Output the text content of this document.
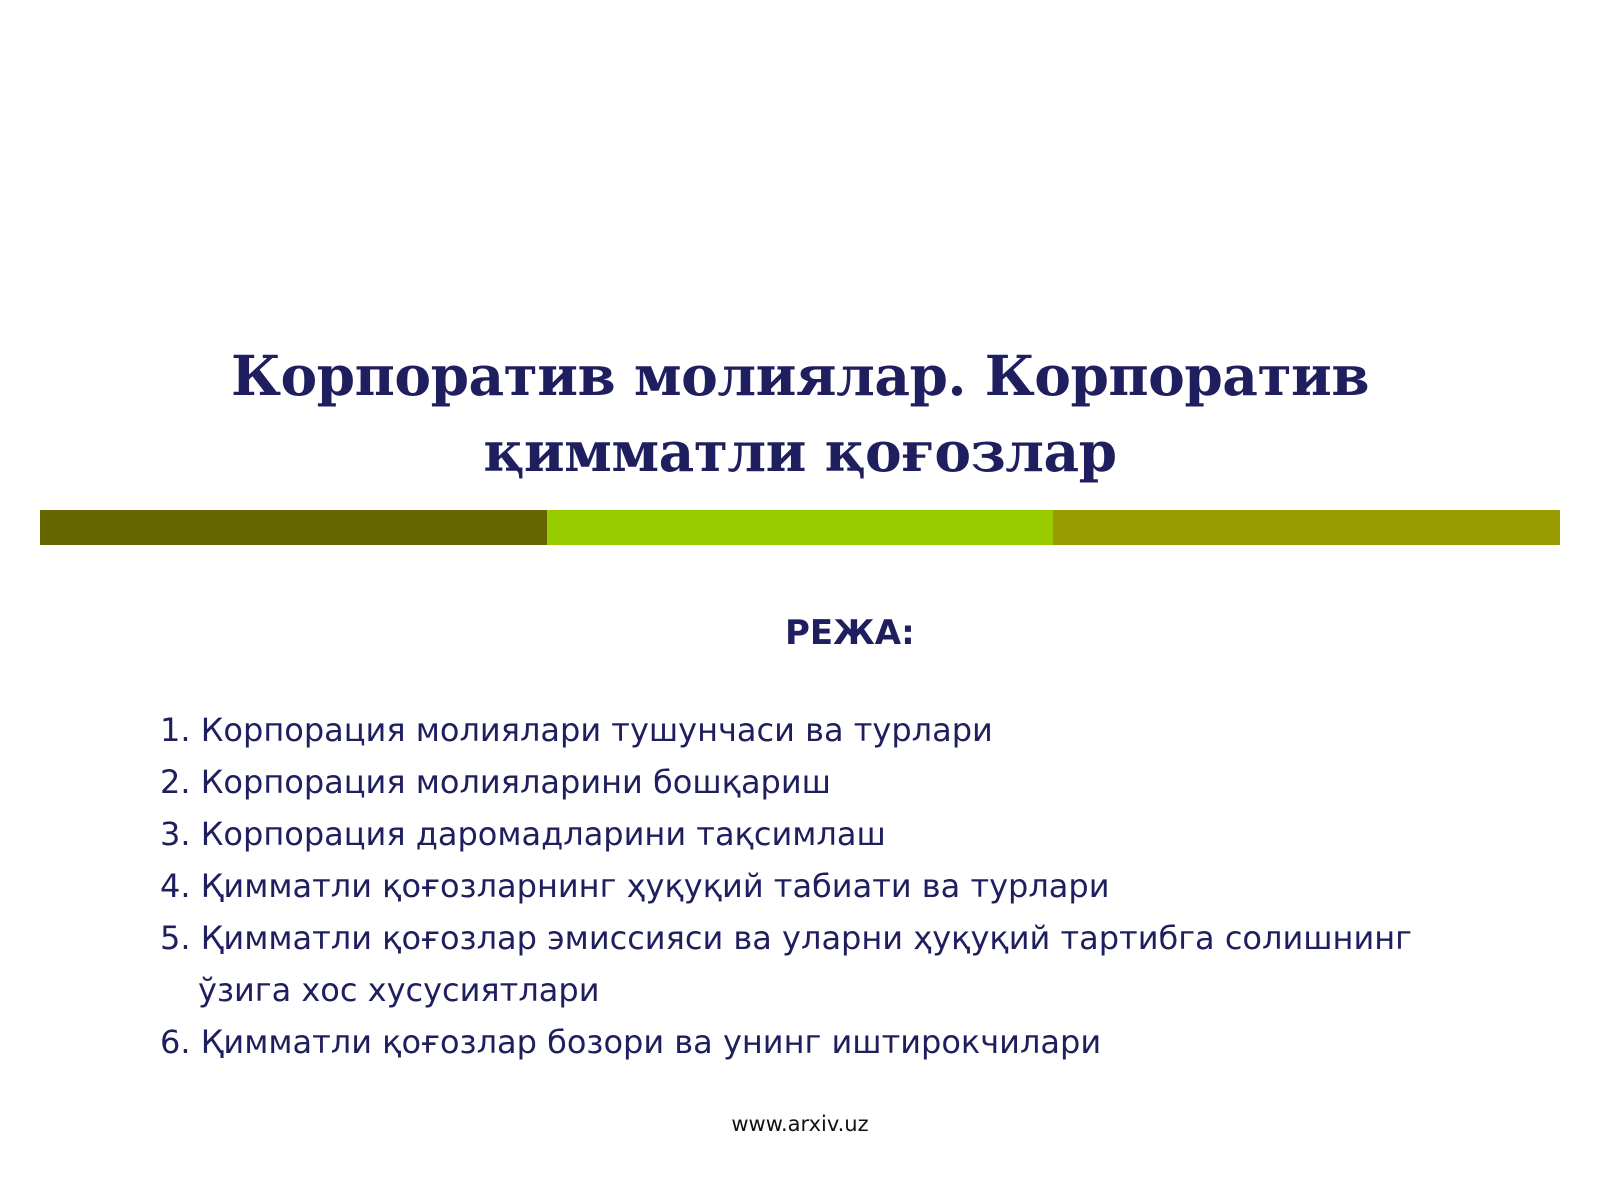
Корпоратив молиялар. Корпоратив
қимматли қоғозлар
РЕЖА:
1. Корпорация молиялари тушунчаси ва турлари
2. Корпорация молияларини бошқариш
3. Корпорация даромадларини тақсимлаш
4. Қимматли қоғозларнинг ҳуқуқий табиати ва турлари
5. Қимматли қоғозлар эмиссияси ва уларни ҳуқуқий тартибга солишнинг ўзига хос хусусиятлари
6. Қимматли қоғозлар бозори ва унинг иштирокчилари
www.arxiv.uz
